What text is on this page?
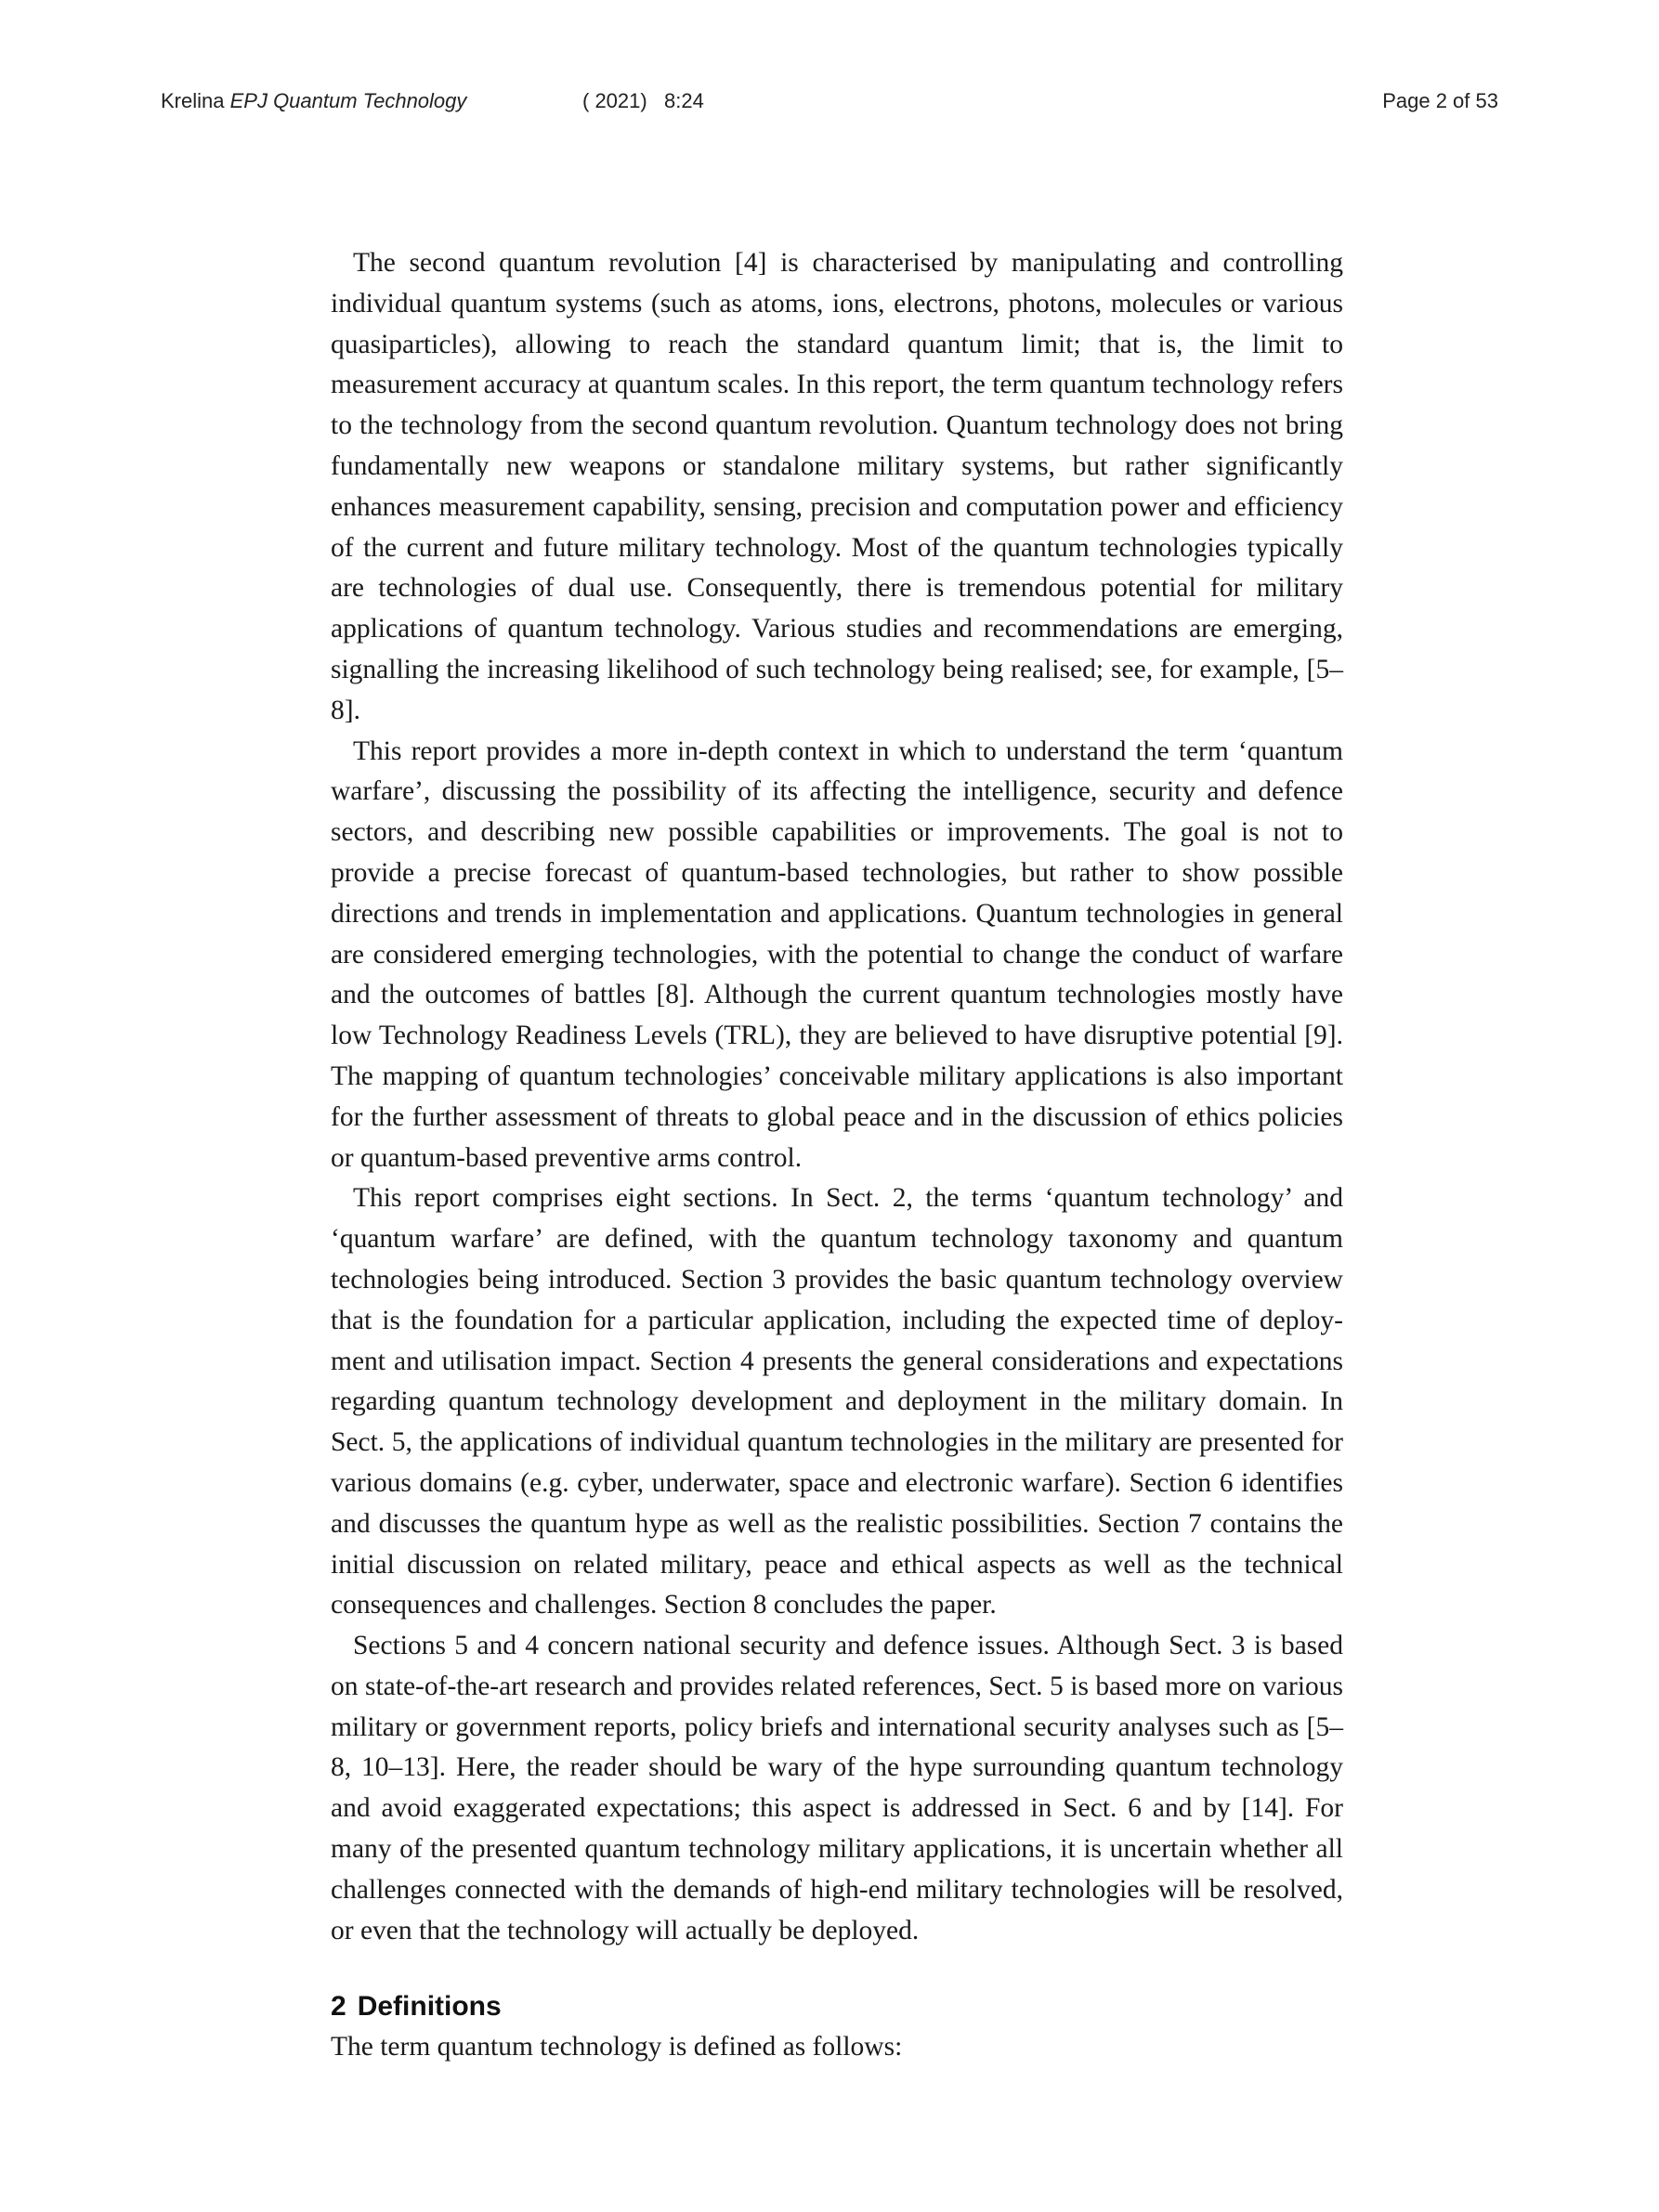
Krelina EPJ Quantum Technology	( 2021)   8:24	Page 2 of 53

The second quantum revolution [4] is characterised by manipulating and controlling individual quantum systems (such as atoms, ions, electrons, photons, molecules or various quasiparticles), allowing to reach the standard quantum limit; that is, the limit to measurement accuracy at quantum scales. In this report, the term quantum technology refers to the technology from the second quantum revolution. Quantum technology does not bring fundamentally new weapons or standalone military systems, but rather significantly enhances measurement capability, sensing, precision and computation power and efficiency of the current and future military technology. Most of the quantum technologies typically are technologies of dual use. Consequently, there is tremendous potential for military applications of quantum technology. Various studies and recommendations are emerging, signalling the increasing likelihood of such technology being realised; see, for example, [5–8].

This report provides a more in-depth context in which to understand the term ‘quantum warfare’, discussing the possibility of its affecting the intelligence, security and defence sectors, and describing new possible capabilities or improvements. The goal is not to provide a precise forecast of quantum-based technologies, but rather to show possible directions and trends in implementation and applications. Quantum technologies in general are considered emerging technologies, with the potential to change the conduct of warfare and the outcomes of battles [8]. Although the current quantum technologies mostly have low Technology Readiness Levels (TRL), they are believed to have disruptive potential [9]. The mapping of quantum technologies’ conceivable military applications is also important for the further assessment of threats to global peace and in the discussion of ethics policies or quantum-based preventive arms control.

This report comprises eight sections. In Sect. 2, the terms ‘quantum technology’ and ‘quantum warfare’ are defined, with the quantum technology taxonomy and quantum technologies being introduced. Section 3 provides the basic quantum technology overview that is the foundation for a particular application, including the expected time of deployment and utilisation impact. Section 4 presents the general considerations and expectations regarding quantum technology development and deployment in the military domain. In Sect. 5, the applications of individual quantum technologies in the military are presented for various domains (e.g. cyber, underwater, space and electronic warfare). Section 6 identifies and discusses the quantum hype as well as the realistic possibilities. Section 7 contains the initial discussion on related military, peace and ethical aspects as well as the technical consequences and challenges. Section 8 concludes the paper.

Sections 5 and 4 concern national security and defence issues. Although Sect. 3 is based on state-of-the-art research and provides related references, Sect. 5 is based more on various military or government reports, policy briefs and international security analyses such as [5–8, 10–13]. Here, the reader should be wary of the hype surrounding quantum technology and avoid exaggerated expectations; this aspect is addressed in Sect. 6 and by [14]. For many of the presented quantum technology military applications, it is uncertain whether all challenges connected with the demands of high-end military technologies will be resolved, or even that the technology will actually be deployed.

2 Definitions

The term quantum technology is defined as follows:
